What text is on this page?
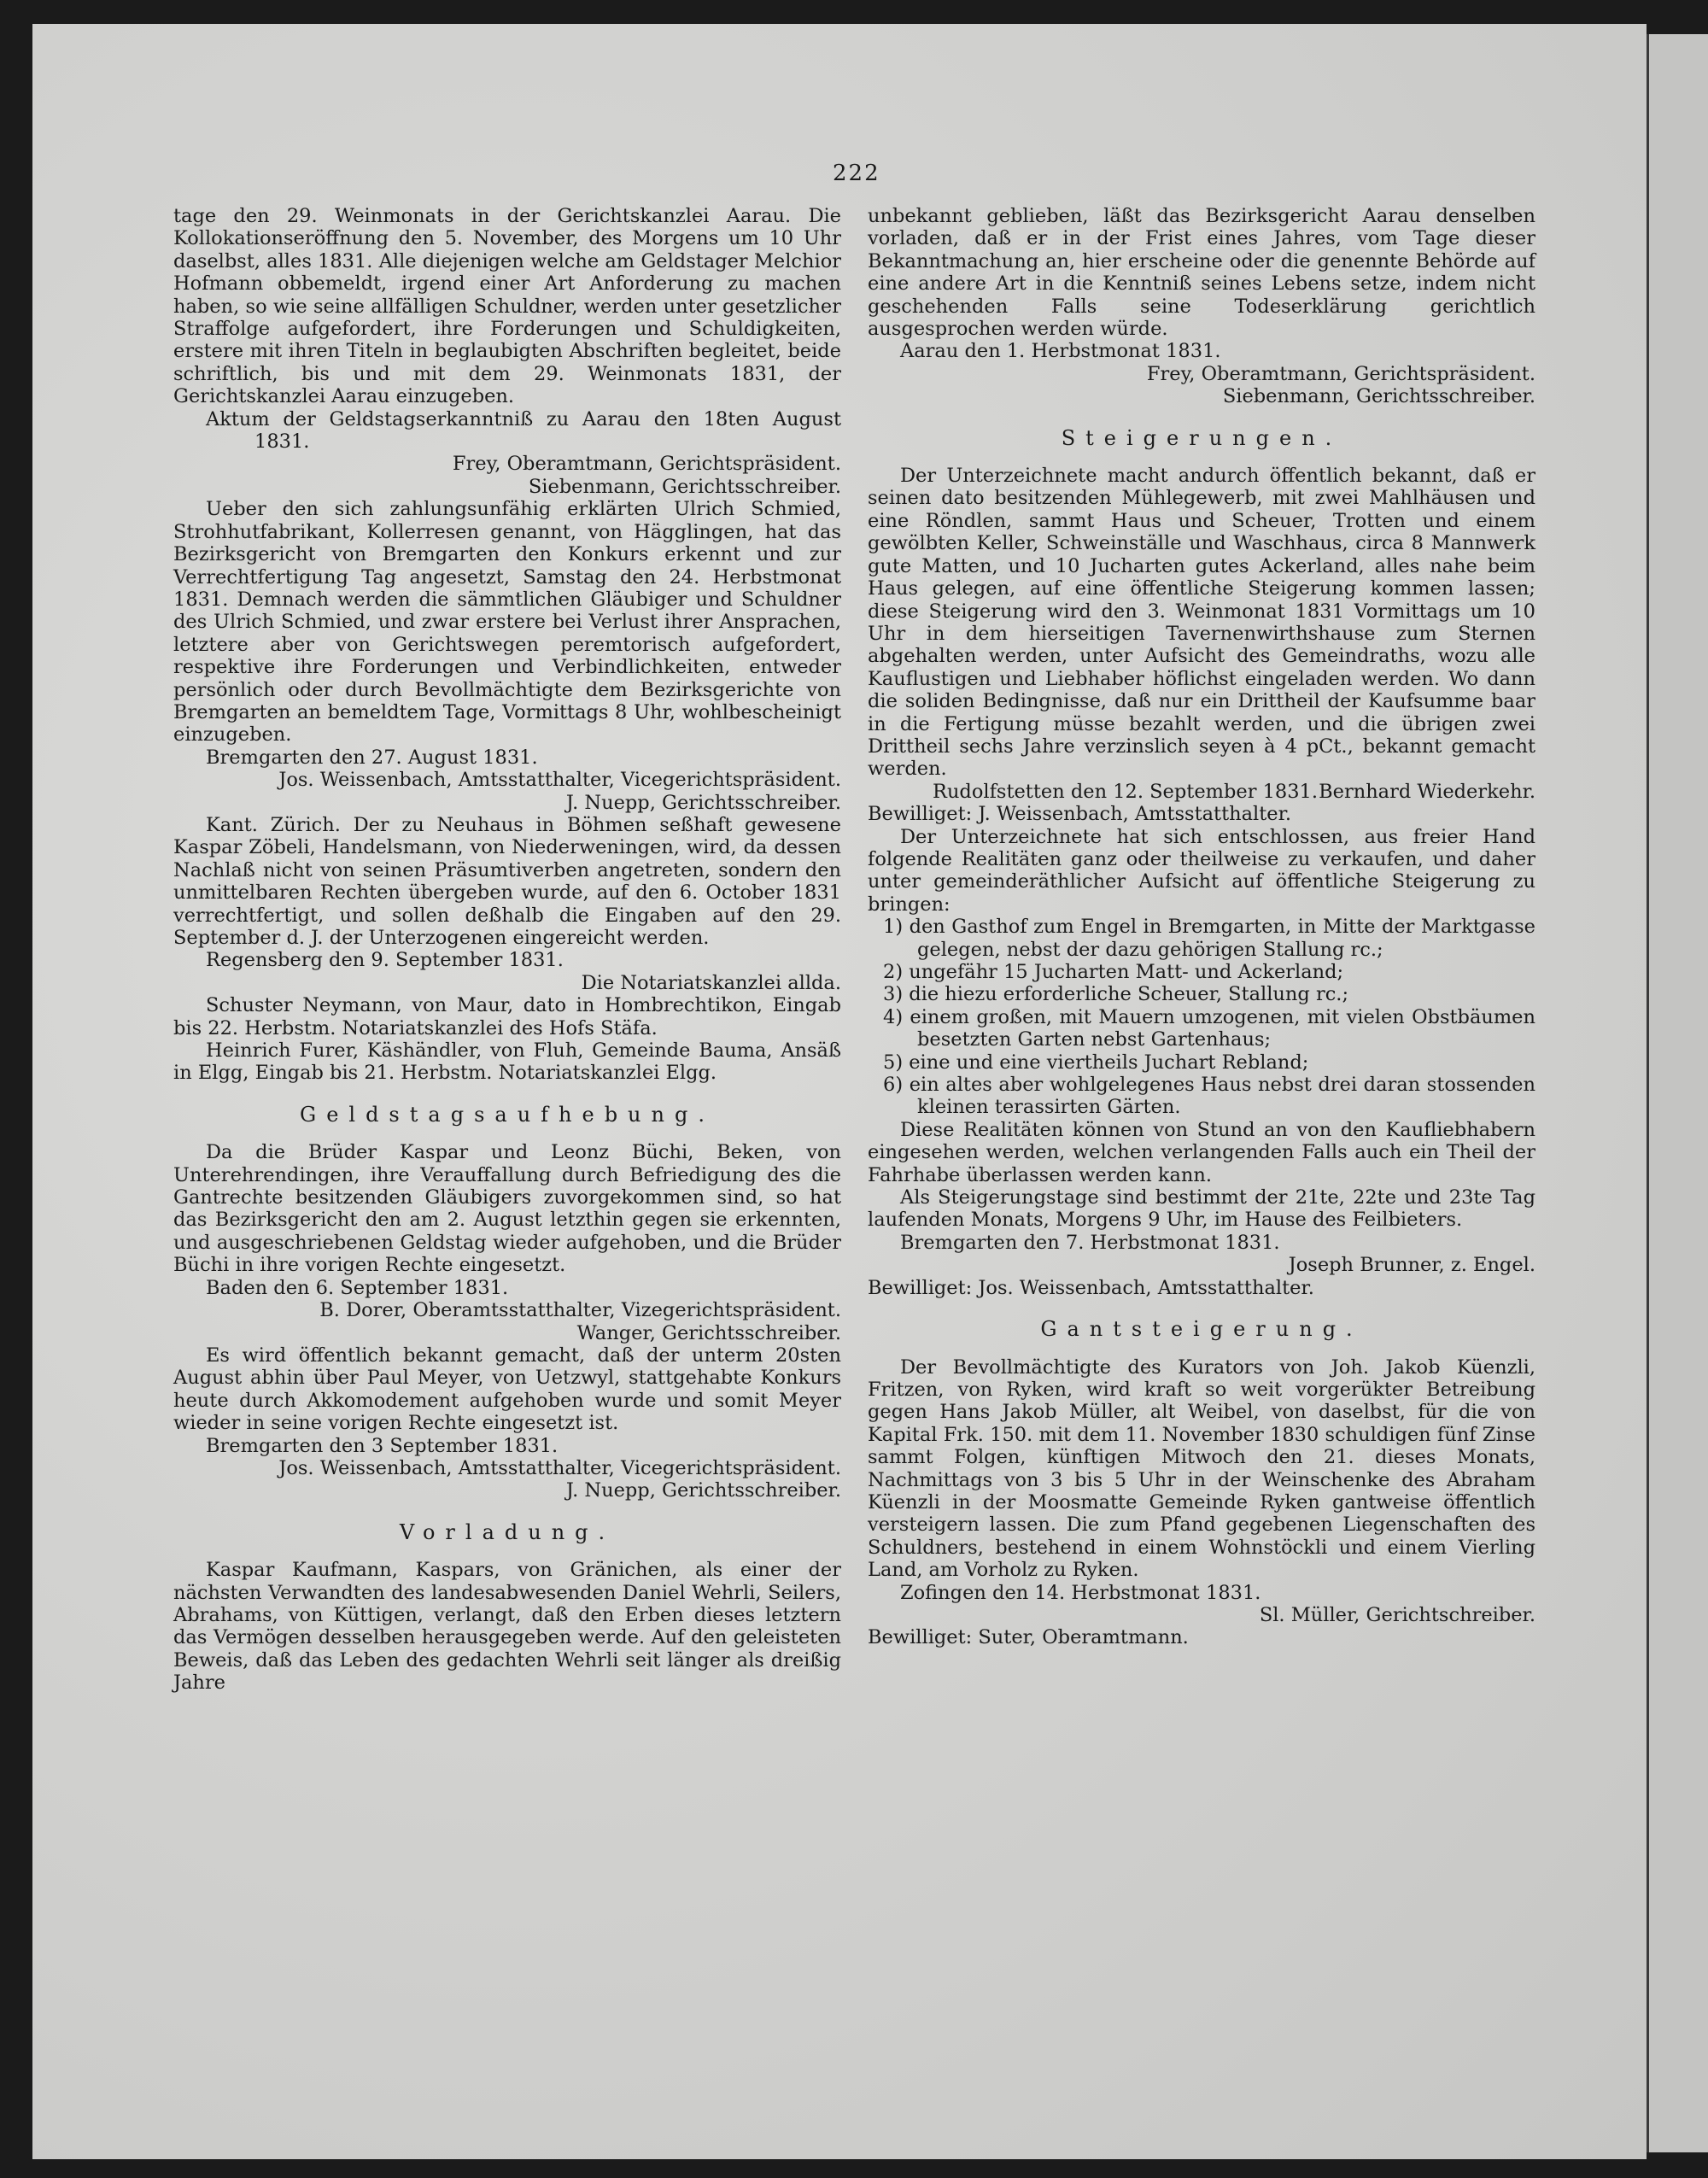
222

tage den 29. Weinmonats in der Gerichtskanzlei Aarau. Die Kollokationseröffnung den 5. November, des Morgens um 10 Uhr daselbst, alles 1831. Alle diejenigen welche am Geldstager Melchior Hofmann obbemeldt, irgend einer Art Anforderung zu machen haben, so wie seine allfälligen Schuldner, werden unter gesetzlicher Straffolge aufgefordert, ihre Forderungen und Schuldigkeiten, erstere mit ihren Titeln in beglaubigten Abschriften begleitet, beide schriftlich, bis und mit dem 29. Weinmonats 1831, der Gerichtskanzlei Aarau einzugeben.

Aktum der Geldstagserkanntniß zu Aarau den 18ten August 1831.

Frey, Oberamtmann, Gerichtspräsident.

Siebenmann, Gerichtsschreiber.

Ueber den sich zahlungsunfähig erklärten Ulrich Schmied, Strohhutfabrikant, Kollerresen genannt, von Hägglingen, hat das Bezirksgericht von Bremgarten den Konkurs erkennt und zur Verrechtfertigung Tag angesetzt, Samstag den 24. Herbstmonat 1831. Demnach werden die sämmtlichen Gläubiger und Schuldner des Ulrich Schmied, und zwar erstere bei Verlust ihrer Ansprachen, letztere aber von Gerichtswegen peremtorisch aufgefordert, respektive ihre Forderungen und Verbindlichkeiten, entweder persönlich oder durch Bevollmächtigte dem Bezirksgerichte von Bremgarten an bemeldtem Tage, Vormittags 8 Uhr, wohlbescheinigt einzugeben.

Bremgarten den 27. August 1831.

Jos. Weissenbach, Amtsstatthalter, Vicegerichtspräsident.

J. Nuepp, Gerichtsschreiber.

Kant. Zürich. Der zu Neuhaus in Böhmen seßhaft gewesene Kaspar Zöbeli, Handelsmann, von Niederweningen, wird, da dessen Nachlaß nicht von seinen Präsumtiverben angetreten, sondern den unmittelbaren Rechten übergeben wurde, auf den 6. October 1831 verrechtfertigt, und sollen deßhalb die Eingaben auf den 29. September d. J. der Unterzogenen eingereicht werden.

Regensberg den 9. September 1831.

Die Notariatskanzlei allda.

Schuster Neymann, von Maur, dato in Hombrechtikon, Eingab bis 22. Herbstm. Notariatskanzlei des Hofs Stäfa.

Heinrich Furer, Käshändler, von Fluh, Gemeinde Bauma, Ansäß in Elgg, Eingab bis 21. Herbstm. Notariatskanzlei Elgg.

Geldstagsaufhebung.

Da die Brüder Kaspar und Leonz Büchi, Beken, von Unterehrendingen, ihre Verauffallung durch Befriedigung des die Gantrechte besitzenden Gläubigers zuvorgekommen sind, so hat das Bezirksgericht den am 2. August letzthin gegen sie erkennten, und ausgeschriebenen Geldstag wieder aufgehoben, und die Brüder Büchi in ihre vorigen Rechte eingesetzt.

Baden den 6. September 1831.

B. Dorer, Oberamtsstatthalter, Vizegerichtspräsident.

Wanger, Gerichtsschreiber.

Es wird öffentlich bekannt gemacht, daß der unterm 20sten August abhin über Paul Meyer, von Uetzwyl, stattgehabte Konkurs heute durch Akkomodement aufgehoben wurde und somit Meyer wieder in seine vorigen Rechte eingesetzt ist.

Bremgarten den 3 September 1831.

Jos. Weissenbach, Amtsstatthalter, Vicegerichtspräsident.

J. Nuepp, Gerichtsschreiber.

Vorladung.

Kaspar Kaufmann, Kaspars, von Gränichen, als einer der nächsten Verwandten des landesabwesenden Daniel Wehrli, Seilers, Abrahams, von Küttigen, verlangt, daß den Erben dieses letztern das Vermögen desselben herausgegeben werde. Auf den geleisteten Beweis, daß das Leben des gedachten Wehrli seit länger als dreißig Jahre

unbekannt geblieben, läßt das Bezirksgericht Aarau denselben vorladen, daß er in der Frist eines Jahres, vom Tage dieser Bekanntmachung an, hier erscheine oder die genennte Behörde auf eine andere Art in die Kenntniß seines Lebens setze, indem nicht geschehenden Falls seine Todeserklärung gerichtlich ausgesprochen werden würde.

Aarau den 1. Herbstmonat 1831.

Frey, Oberamtmann, Gerichtspräsident.

Siebenmann, Gerichtsschreiber.

Steigerungen.

Der Unterzeichnete macht andurch öffentlich bekannt, daß er seinen dato besitzenden Mühlegewerb, mit zwei Mahlhäusen und eine Röndlen, sammt Haus und Scheuer, Trotten und einem gewölbten Keller, Schweinställe und Waschhaus, circa 8 Mannwerk gute Matten, und 10 Jucharten gutes Ackerland, alles nahe beim Haus gelegen, auf eine öffentliche Steigerung kommen lassen; diese Steigerung wird den 3. Weinmonat 1831 Vormittags um 10 Uhr in dem hierseitigen Tavernenwirthshause zum Sternen abgehalten werden, unter Aufsicht des Gemeindraths, wozu alle Kauflustigen und Liebhaber höflichst eingeladen werden. Wo dann die soliden Bedingnisse, daß nur ein Drittheil der Kaufsumme baar in die Fertigung müsse bezahlt werden, und die übrigen zwei Drittheil sechs Jahre verzinslich seyen à 4 pCt., bekannt gemacht werden.

Rudolfstetten den 12. September 1831. Bernhard Wiederkehr.

Bewilliget: J. Weissenbach, Amtsstatthalter.

Der Unterzeichnete hat sich entschlossen, aus freier Hand folgende Realitäten ganz oder theilweise zu verkaufen, und daher unter gemeinderäthlicher Aufsicht auf öffentliche Steigerung zu bringen:

1) den Gasthof zum Engel in Bremgarten, in Mitte der Marktgasse gelegen, nebst der dazu gehörigen Stallung rc.;
2) ungefähr 15 Jucharten Matt- und Ackerland;
3) die hiezu erforderliche Scheuer, Stallung rc.;
4) einem großen, mit Mauern umzogenen, mit vielen Obstbäumen besetzten Garten nebst Gartenhaus;
5) eine und eine viertheils Juchart Rebland;
6) ein altes aber wohlgelegenes Haus nebst drei daran stossenden kleinen terassirten Gärten.

Diese Realitäten können von Stund an von den Kaufliebhabern eingesehen werden, welchen verlangenden Falls auch ein Theil der Fahrhabe überlassen werden kann.

Als Steigerungstage sind bestimmt der 21te, 22te und 23te Tag laufenden Monats, Morgens 9 Uhr, im Hause des Feilbieters.

Bremgarten den 7. Herbstmonat 1831.

Joseph Brunner, z. Engel.

Bewilliget: Jos. Weissenbach, Amtsstatthalter.

Gantsteigerung.

Der Bevollmächtigte des Kurators von Joh. Jakob Küenzli, Fritzen, von Ryken, wird kraft so weit vorgerükter Betreibung gegen Hans Jakob Müller, alt Weibel, von daselbst, für die von Kapital Frk. 150. mit dem 11. November 1830 schuldigen fünf Zinse sammt Folgen, künftigen Mitwoch den 21. dieses Monats, Nachmittags von 3 bis 5 Uhr in der Weinschenke des Abraham Küenzli in der Moosmatte Gemeinde Ryken gantweise öffentlich versteigern lassen. Die zum Pfand gegebenen Liegenschaften des Schuldners, bestehend in einem Wohnstöckli und einem Vierling Land, am Vorholz zu Ryken.

Zofingen den 14. Herbstmonat 1831.

Sl. Müller, Gerichtschreiber.

Bewilliget: Suter, Oberamtmann.
